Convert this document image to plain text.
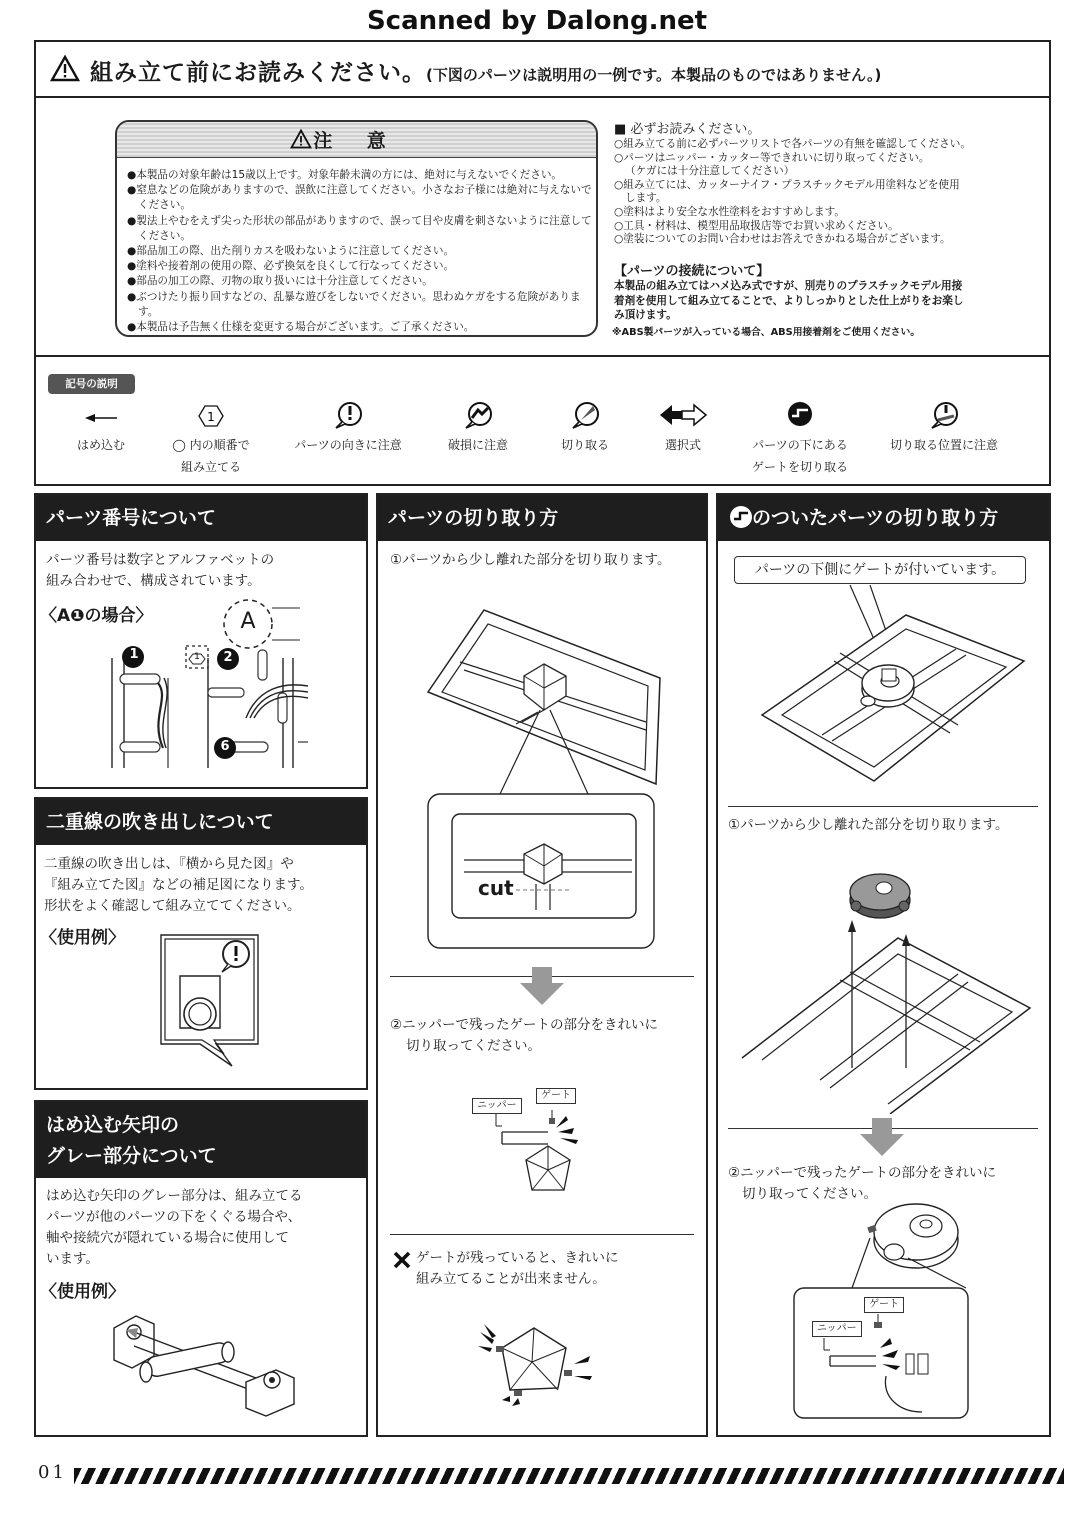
Scanned by Dalong.net
組み立て前にお読みください。(下図のパーツは説明用の一例です。本製品のものではありません。)
注 意
●本製品の対象年齢は15歳以上です。対象年齢未満の方には、絶対に与えないでください。
●窒息などの危険がありますので、誤飲に注意してください。小さなお子様には絶対に与えないでください。
●製法上やむをえず尖った形状の部品がありますので、誤って目や皮膚を刺さないように注意してください。
●部品加工の際、出た削りカスを吸わないように注意してください。
●塗料や接着剤の使用の際、必ず換気を良くして行なってください。
●部品の加工の際、刃物の取り扱いには十分注意してください。
●ぶつけたり振り回すなどの、乱暴な遊びをしないでください。思わぬケガをする危険があります。
●本製品は予告無く仕様を変更する場合がございます。ご了承ください。
■ 必ずお読みください。
○組み立てる前に必ずパーツリストで各パーツの有無を確認してください。
○パーツはニッパー・カッター等できれいに切り取ってください。
（ケガには十分注意してください）
○組み立てには、カッターナイフ・プラスチックモデル用塗料などを使用します。
○塗料はより安全な水性塗料をおすすめします。
○工具・材料は、模型用品取扱店等でお買い求めください。
○塗装についてのお問い合わせはお答えできかねる場合がございます。
【パーツの接続について】
本製品の組み立てはハメ込み式ですが、別売りのプラスチックモデル用接着剤を使用して組み立てることで、よりしっかりとした仕上がりをお楽しみ頂けます。
※ABS製パーツが入っている場合、ABS用接着剤をご使用ください。
記号の説明
はめ込む
1
◯ 内の順番で
組み立てる
パーツの向きに注意	破損に注意	切り取る	選択式	パーツの下にある
ゲートを切り取る
切り取る位置に注意
パーツ番号について
パーツ番号は数字とアルファベットの
組み合わせで、構成されています。
〈A❶の場合〉	A
1	1	2
6
二重線の吹き出しについて
二重線の吹き出しは、『横から見た図』や
『組み立てた図』などの補足図になります。
形状をよく確認して組み立ててください。
〈使用例〉
はめ込む矢印の
グレー部分について
はめ込む矢印のグレー部分は、組み立てる
パーツが他のパーツの下をくぐる場合や、
軸や接続穴が隠れている場合に使用して
います。
〈使用例〉
パーツの切り取り方
①パーツから少し離れた部分を切り取ります。
cut
②ニッパーで残ったゲートの部分をきれいに
切り取ってください。
ニッパー
ゲート
ゲートが残っていると、きれいに
組み立てることが出来ません。
のついたパーツの切り取り方
パーツの下側にゲートが付いています。
①パーツから少し離れた部分を切り取ります。
②ニッパーで残ったゲートの部分をきれいに
切り取ってください。
ゲート
ニッパー
01
